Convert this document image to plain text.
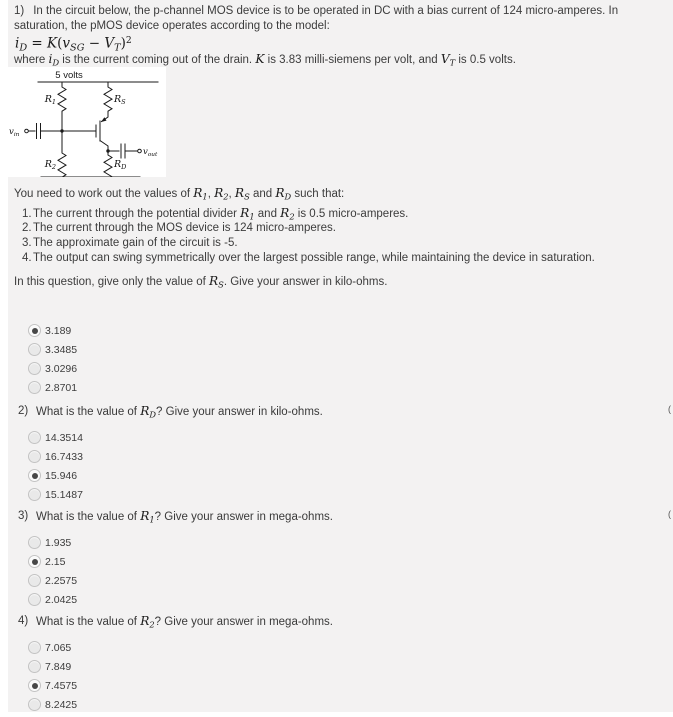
1) In the circuit below, the p-channel MOS device is to be operated in DC with a bias current of 124 micro-amperes. In
saturation, the pMOS device operates according to the model:
$i_D = K(v_{SG} - V_T)^2$
where $i_D$ is the current coming out of the drain. K is 3.83 milli-siemens per volt, and $V_T$ is 0.5 volts.
5 volts
$R_1$	$R_S$
$R_2$	$R_D$
$v_{in}$
$v_{out}$
You need to work out the values of $R_1$, $R_2$, $R_S$ and $R_D$ such that:
1.The current through the potential divider $R_1$ and $R_2$ is 0.5 micro-amperes.
2.The current through the MOS device is 124 micro-amperes.
3.The approximate gain of the circuit is -5.
4.The output can swing symmetrically over the largest possible range, while maintaining the device in saturation.
In this question, give only the value of $R_S$. Give your answer in kilo-ohms.
3.189
3.3485
3.0296
2.8701
2) What is the value of $R_D$? Give your answer in kilo-ohms.	(
14.3514
16.7433
15.946
15.1487
3) What is the value of $R_1$? Give your answer in mega-ohms.	(
1.935
2.15
2.2575
2.0425
4) What is the value of $R_2$? Give your answer in mega-ohms.
7.065
7.849
7.4575
8.2425
